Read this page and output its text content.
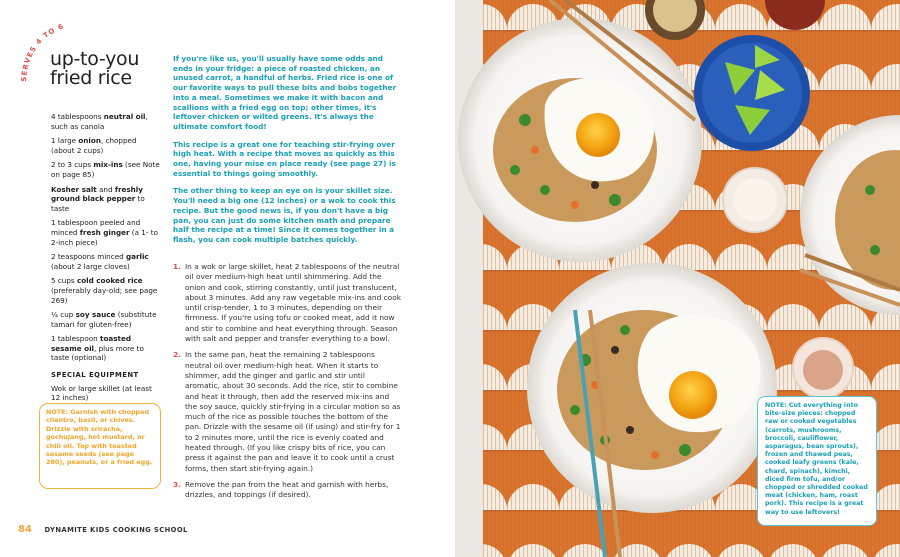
SERVES 4 TO 6
up-to-you
fried rice
4 tablespoons neutral oil, such as canola
1 large onion, chopped (about 2 cups)
2 to 3 cups mix-ins (see Note on page 85)
Kosher salt and freshly ground black pepper to taste
1 tablespoon peeled and minced fresh ginger (a 1- to 2-inch piece)
2 teaspoons minced garlic (about 2 large cloves)
5 cups cold cooked rice (preferably day-old; see page 269)
¼ cup soy sauce (substitute tamari for gluten-free)
1 tablespoon toasted sesame oil, plus more to taste (optional)
SPECIAL EQUIPMENT
Wok or large skillet (at least 12 inches)

NOTE: Garnish with chopped cilantro, basil, or chives. Drizzle with sriracha, gochujang, hot mustard, or chili oil. Top with toasted sesame seeds (see page 280), peanuts, or a fried egg.

If you're like us, you'll usually have some odds and ends in your fridge: a piece of roasted chicken, an unused carrot, a handful of herbs. Fried rice is one of our favorite ways to pull these bits and bobs together into a meal. Sometimes we make it with bacon and scallions with a fried egg on top; other times, it's leftover chicken or wilted greens. It's always the ultimate comfort food!

This recipe is a great one for teaching stir-frying over high heat. With a recipe that moves as quickly as this one, having your mise en place ready (see page 27) is essential to things going smoothly.

The other thing to keep an eye on is your skillet size. You'll need a big one (12 inches) or a wok to cook this recipe. But the good news is, if you don't have a big pan, you can just do some kitchen math and prepare half the recipe at a time! Since it comes together in a flash, you can cook multiple batches quickly.

1. In a wok or large skillet, heat 2 tablespoons of the neutral oil over medium-high heat until shimmering. Add the onion and cook, stirring constantly, until just translucent, about 3 minutes. Add any raw vegetable mix-ins and cook until crisp-tender, 1 to 3 minutes, depending on their firmness. If you're using tofu or cooked meat, add it now and stir to combine and heat everything through. Season with salt and pepper and transfer everything to a bowl.
2. In the same pan, heat the remaining 2 tablespoons neutral oil over medium-high heat. When it starts to shimmer, add the ginger and garlic and stir until aromatic, about 30 seconds. Add the rice, stir to combine and heat it through, then add the reserved mix-ins and the soy sauce, quickly stir-frying in a circular motion so as much of the rice as possible touches the bottom of the pan. Drizzle with the sesame oil (if using) and stir-fry for 1 to 2 minutes more, until the rice is evenly coated and heated through. (If you like crispy bits of rice, you can press it against the pan and leave it to cook until a crust forms, then start stir-frying again.)
3. Remove the pan from the heat and garnish with herbs, drizzles, and toppings (if desired).
84 DYNAMITE KIDS COOKING SCHOOL

NOTE: Cut everything into bite-size pieces: chopped raw or cooked vegetables (carrots, mushrooms, broccoli, cauliflower, asparagus, bean sprouts), frozen and thawed peas, cooked leafy greens (kale, chard, spinach), kimchi, diced firm tofu, and/or chopped or shredded cooked meat (chicken, ham, roast pork). This recipe is a great way to use leftovers!
